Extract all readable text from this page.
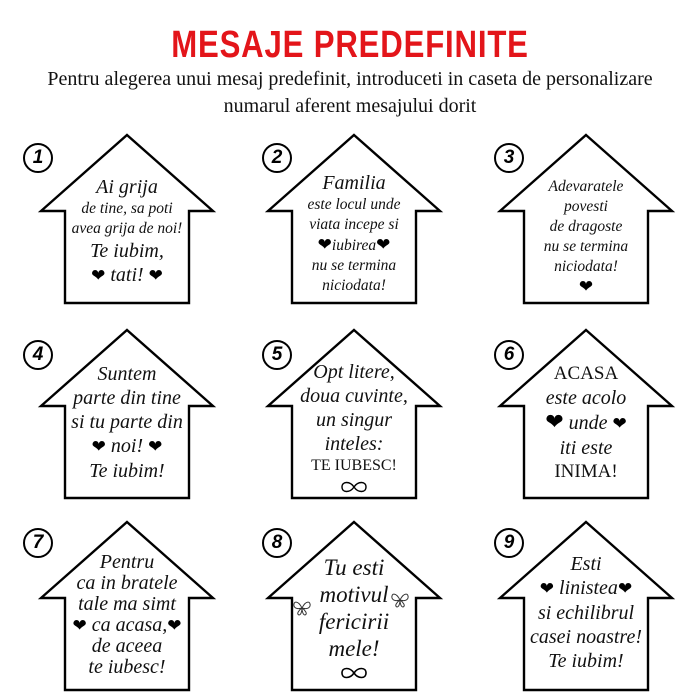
MESAJE PREDEFINITE
Pentru alegerea unui mesaj predefinit, introduceti in caseta de personalizare numarul aferent mesajului dorit
1
Ai grija
de tine, sa poti
avea grija de noi!
Te iubim,
❤ tati! ❤
2
Familia
este locul unde
viata incepe si
❤iubirea❤
nu se termina
niciodata!
3
Adevaratele
povesti
de dragoste
nu se termina
niciodata!
❤
4
Suntem
parte din tine
si tu parte din
❤ noi! ❤
Te iubim!
5
Opt litere,
doua cuvinte,
un singur
inteles:
TE IUBESC!
6
ACASA
este acolo
❤ unde ❤
iti este
INIMA!
7
Pentru
ca in bratele
tale ma simt
❤ ca acasa,❤
de aceea
te iubesc!
8
Tu esti
motivul
fericirii
mele!
9
Esti
❤ linistea❤
si echilibrul
casei noastre!
Te iubim!
